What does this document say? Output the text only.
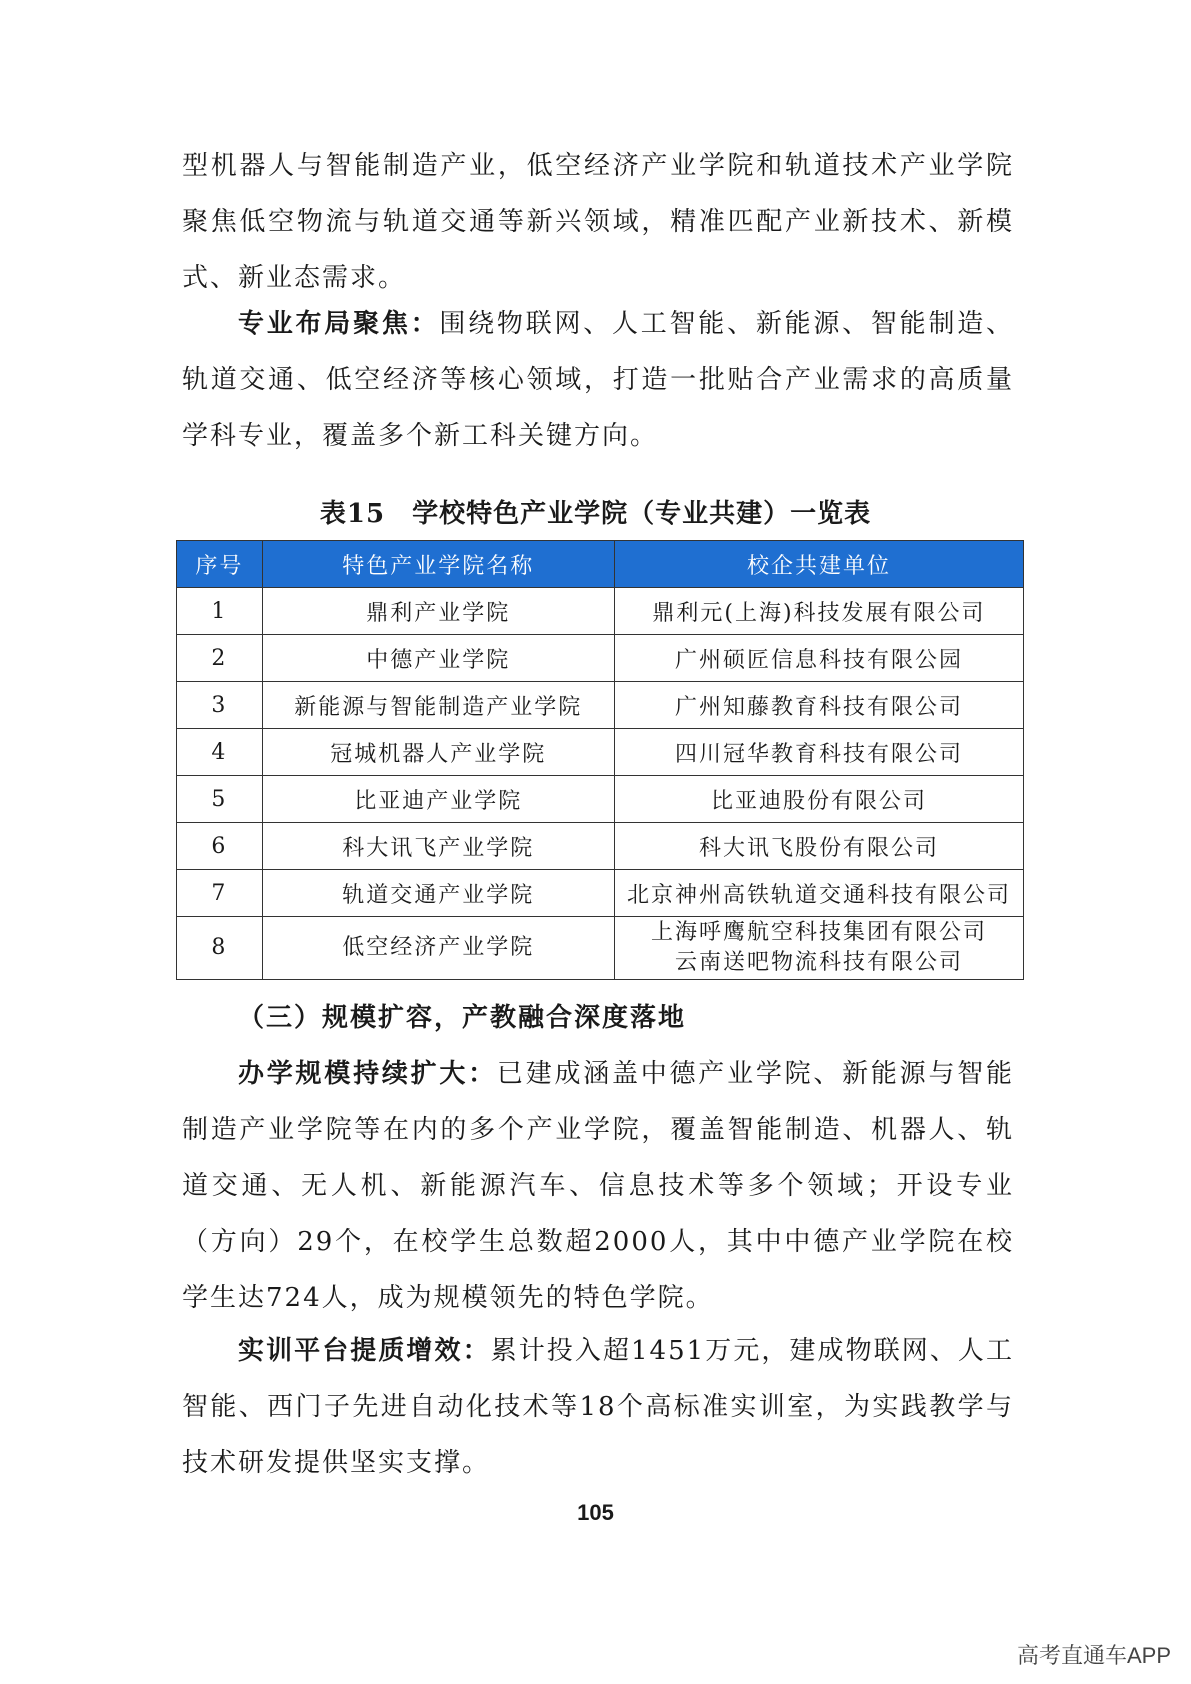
型机器人与智能制造产业，低空经济产业学院和轨道技术产业学院聚焦低空物流与轨道交通等新兴领域，精准匹配产业新技术、新模式、新业态需求。

专业布局聚焦：围绕物联网、人工智能、新能源、智能制造、轨道交通、低空经济等核心领域，打造一批贴合产业需求的高质量学科专业，覆盖多个新工科关键方向。

表15　学校特色产业学院（专业共建）一览表
序号	特色产业学院名称	校企共建单位
1	鼎利产业学院	鼎利元(上海)科技发展有限公司
2	中德产业学院	广州硕匠信息科技有限公园
3	新能源与智能制造产业学院	广州知藤教育科技有限公司
4	冠城机器人产业学院	四川冠华教育科技有限公司
5	比亚迪产业学院	比亚迪股份有限公司
6	科大讯飞产业学院	科大讯飞股份有限公司
7	轨道交通产业学院	北京神州高铁轨道交通科技有限公司
8	低空经济产业学院	上海呼鹰航空科技集团有限公司
云南送吧物流科技有限公司
（三）规模扩容，产教融合深度落地

办学规模持续扩大：已建成涵盖中德产业学院、新能源与智能制造产业学院等在内的多个产业学院，覆盖智能制造、机器人、轨道交通、无人机、新能源汽车、信息技术等多个领域；开设专业（方向）29个，在校学生总数超2000人，其中中德产业学院在校学生达724人，成为规模领先的特色学院。

实训平台提质增效：累计投入超1451万元，建成物联网、人工智能、西门子先进自动化技术等18个高标准实训室，为实践教学与技术研发提供坚实支撑。

105
高考直通车APP
